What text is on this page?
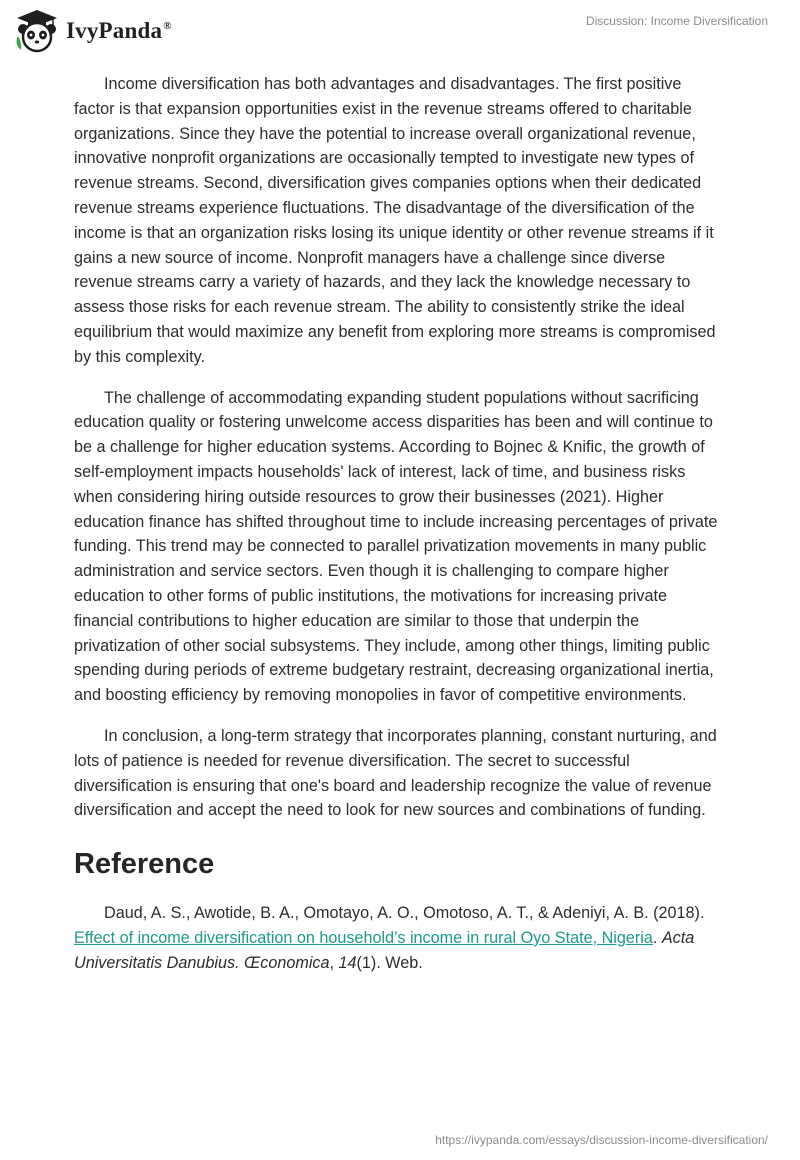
IvyPanda®	Discussion: Income Diversification

Income diversification has both advantages and disadvantages. The first positive factor is that expansion opportunities exist in the revenue streams offered to charitable organizations. Since they have the potential to increase overall organizational revenue, innovative nonprofit organizations are occasionally tempted to investigate new types of revenue streams. Second, diversification gives companies options when their dedicated revenue streams experience fluctuations. The disadvantage of the diversification of the income is that an organization risks losing its unique identity or other revenue streams if it gains a new source of income. Nonprofit managers have a challenge since diverse revenue streams carry a variety of hazards, and they lack the knowledge necessary to assess those risks for each revenue stream. The ability to consistently strike the ideal equilibrium that would maximize any benefit from exploring more streams is compromised by this complexity.

The challenge of accommodating expanding student populations without sacrificing education quality or fostering unwelcome access disparities has been and will continue to be a challenge for higher education systems. According to Bojnec & Knific, the growth of self-employment impacts households' lack of interest, lack of time, and business risks when considering hiring outside resources to grow their businesses (2021). Higher education finance has shifted throughout time to include increasing percentages of private funding. This trend may be connected to parallel privatization movements in many public administration and service sectors. Even though it is challenging to compare higher education to other forms of public institutions, the motivations for increasing private financial contributions to higher education are similar to those that underpin the privatization of other social subsystems. They include, among other things, limiting public spending during periods of extreme budgetary restraint, decreasing organizational inertia, and boosting efficiency by removing monopolies in favor of competitive environments.

In conclusion, a long-term strategy that incorporates planning, constant nurturing, and lots of patience is needed for revenue diversification. The secret to successful diversification is ensuring that one's board and leadership recognize the value of revenue diversification and accept the need to look for new sources and combinations of funding.

Reference

Daud, A. S., Awotide, B. A., Omotayo, A. O., Omotoso, A. T., & Adeniyi, A. B. (2018). Effect of income diversification on household’s income in rural Oyo State, Nigeria. Acta Universitatis Danubius. Œconomica, 14(1). Web.

https://ivypanda.com/essays/discussion-income-diversification/
